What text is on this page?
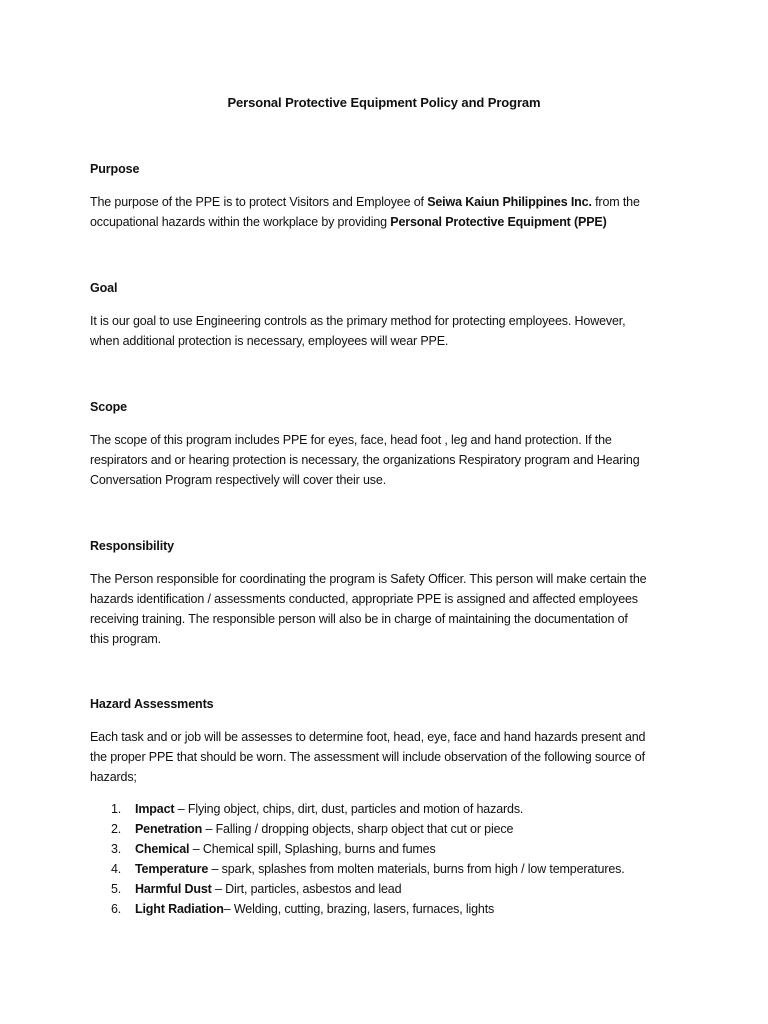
Personal Protective Equipment Policy and Program
Purpose

The purpose of the PPE is to protect Visitors and Employee of Seiwa Kaiun Philippines Inc. from the
occupational hazards within the workplace by providing Personal Protective Equipment (PPE)

Goal

It is our goal to use Engineering controls as the primary method for protecting employees. However,
when additional protection is necessary, employees will wear PPE.

Scope

The scope of this program includes PPE for eyes, face, head foot , leg and hand protection. If the
respirators and or hearing protection is necessary, the organizations Respiratory program and Hearing
Conversation Program respectively will cover their use.

Responsibility

The Person responsible for coordinating the program is Safety Officer. This person will make certain the
hazards identification / assessments conducted, appropriate PPE is assigned and affected employees
receiving training. The responsible person will also be in charge of maintaining the documentation of
this program.

Hazard Assessments

Each task and or job will be assesses to determine foot, head, eye, face and hand hazards present and
the proper PPE that should be worn. The assessment will include observation of the following source of
hazards;

1.	Impact – Flying object, chips, dirt, dust, particles and motion of hazards.
2.	Penetration – Falling / dropping objects, sharp object that cut or piece
3.	Chemical – Chemical spill, Splashing, burns and fumes
4.	Temperature – spark, splashes from molten materials, burns from high / low temperatures.
5.	Harmful Dust – Dirt, particles, asbestos and lead
6.	Light Radiation– Welding, cutting, brazing, lasers, furnaces, lights
